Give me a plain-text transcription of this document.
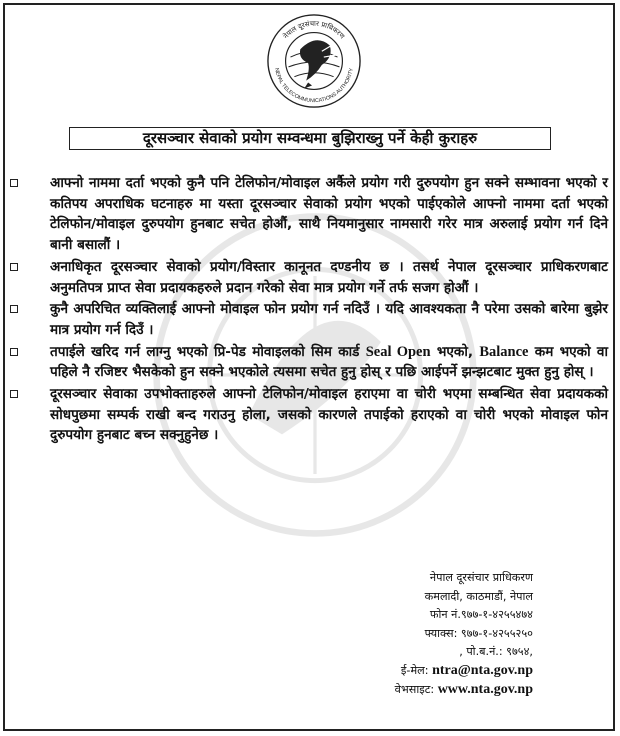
नेपाल दूरसंचार प्राधिकरण
NEPAL TELECOMMUNICATIONS AUTHORITY
दूरसञ्चार सेवाको प्रयोग सम्वन्धमा बुझिराख्नु पर्ने केही कुराहरु
आफ्नो नाममा दर्ता भएको कुनै पनि टेलिफोन/मोवाइल अर्कैले प्रयोग गरी दुरुपयोग हुन सक्ने सम्भावना भएको र कतिपय अपराधिक घटनाहरु मा यस्ता दूरसञ्चार सेवाको प्रयोग भएको पाईएकोले आफ्नो नाममा दर्ता भएको टेलिफोन/मोवाइल दुरुपयोग हुनबाट सचेत होऔं, साथै नियमानुसार नामसारी गरेर मात्र अरुलाई प्रयोग गर्न दिने बानी बसालौं ।
अनाधिकृत दूरसञ्चार सेवाको प्रयोग/विस्तार कानूनत दण्डनीय छ । तसर्थ नेपाल दूरसञ्चार प्राधिकरणबाट अनुमतिपत्र प्राप्त सेवा प्रदायकहरुले प्रदान गरेको सेवा मात्र प्रयोग गर्ने तर्फ सजग होऔं ।
कुनै अपरिचित व्यक्तिलाई आफ्नो मोवाइल फोन प्रयोग गर्न नदिउँ । यदि आवश्यकता नै परेमा उसको बारेमा बुझेर मात्र प्रयोग गर्न दिउँ ।
तपाईले खरिद गर्न लाग्नु भएको प्रि-पेड मोवाइलको सिम कार्ड Seal Open भएको, Balance कम भएको वा पहिले नै रजिष्टर भैसकेको हुन सक्ने भएकोले त्यसमा सचेत हुनु होस् र पछि आईपर्ने झन्झटबाट मुक्त हुनु होस् ।
दूरसञ्चार सेवाका उपभोक्ताहरुले आफ्नो टेलिफोन/मोवाइल हराएमा वा चोरी भएमा सम्बन्धित सेवा प्रदायकको सोधपुछमा सम्पर्क राखी बन्द गराउनु होला, जसको कारणले तपाईको हराएको वा चोरी भएको मोवाइल फोन दुरुपयोग हुनबाट बच्न सक्नुहुनेछ ।
नेपाल दूरसंचार प्राधिकरण
कमलादी, काठमाडौं, नेपाल
फोन नं.९७७-१-४२५५४७४
फ्याक्स: ९७७-१-४२५५२५०
, पो.ब.नं.: ९७५४,
ई-मेल: ntra@nta.gov.np
वेभसाइट: www.nta.gov.np
